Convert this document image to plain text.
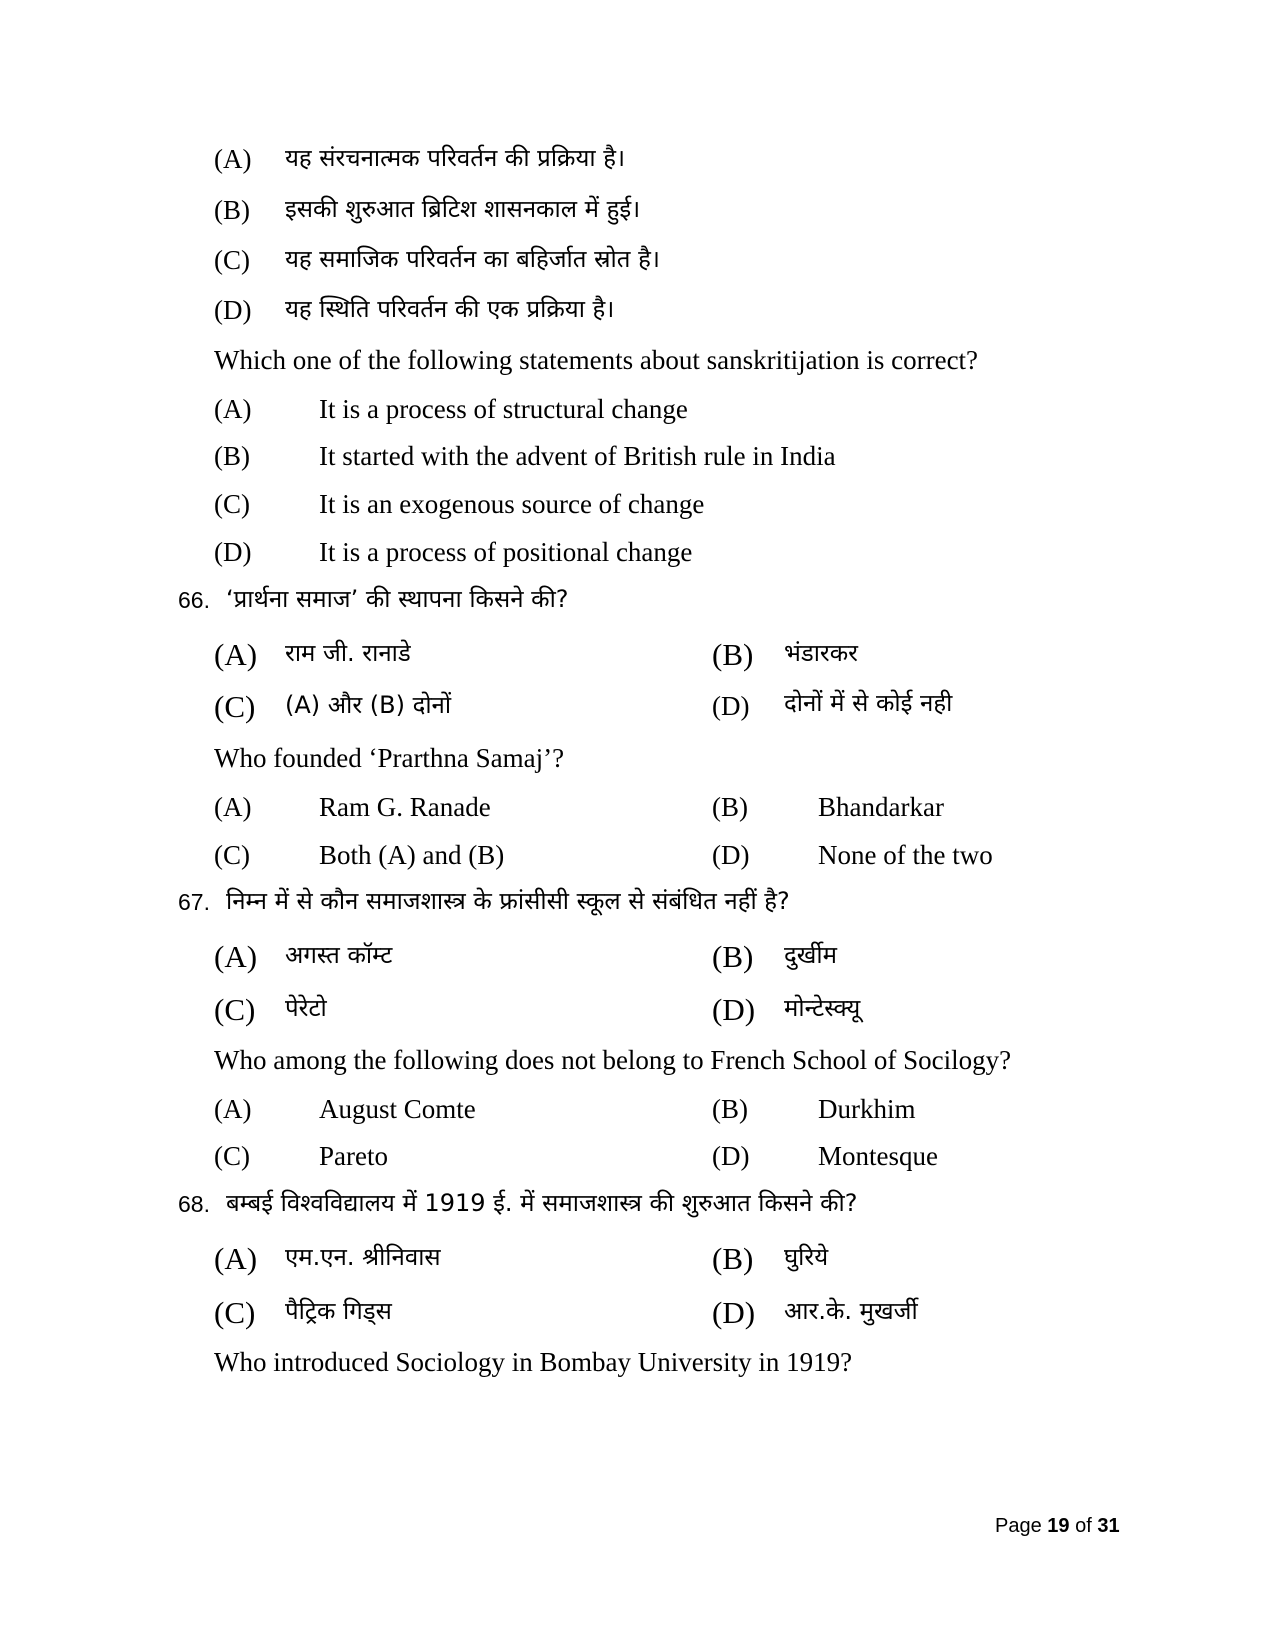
(A) यह संरचनात्मक परिवर्तन की प्रक्रिया है।
(B) इसकी शुरुआत ब्रिटिश शासनकाल में हुई।
(C) यह समाजिक परिवर्तन का बहिर्जात स्रोत है।
(D) यह स्थिति परिवर्तन की एक प्रक्रिया है।
Which one of the following statements about sanskritijation is correct?
(A)	It is a process of structural change
(B)	It started with the advent of British rule in India
(C)	It is an exogenous source of change
(D)	It is a process of positional change
66. ‘प्रार्थना समाज’ की स्थापना किसने की?
(A) राम जी. रानाडे	(B) भंडारकर
(C) (A) और (B) दोनों	(D) दोनों में से कोई नही
Who founded ‘Prarthna Samaj’?
(A)	Ram G. Ranade	(B)	Bhandarkar
(C)	Both (A) and (B)	(D)	None of the two
67. निम्न में से कौन समाजशास्त्र के फ्रांसीसी स्कूल से संबंधित नहीं है?
(A) अगस्त कॉम्ट	(B) दुर्खीम
(C) पेरेटो	(D) मोन्टेस्क्यू
Who among the following does not belong to French School of Socilogy?
(A)	August Comte	(B)	Durkhim
(C)	Pareto	(D)	Montesque
68. बम्बई विश्वविद्यालय में 1919 ई. में समाजशास्त्र की शुरुआत किसने की?
(A) एम.एन. श्रीनिवास	(B) घुरिये
(C) पैट्रिक गिड्स	(D) आर.के. मुखर्जी
Who introduced Sociology in Bombay University in 1919?
Page 19 of 31
